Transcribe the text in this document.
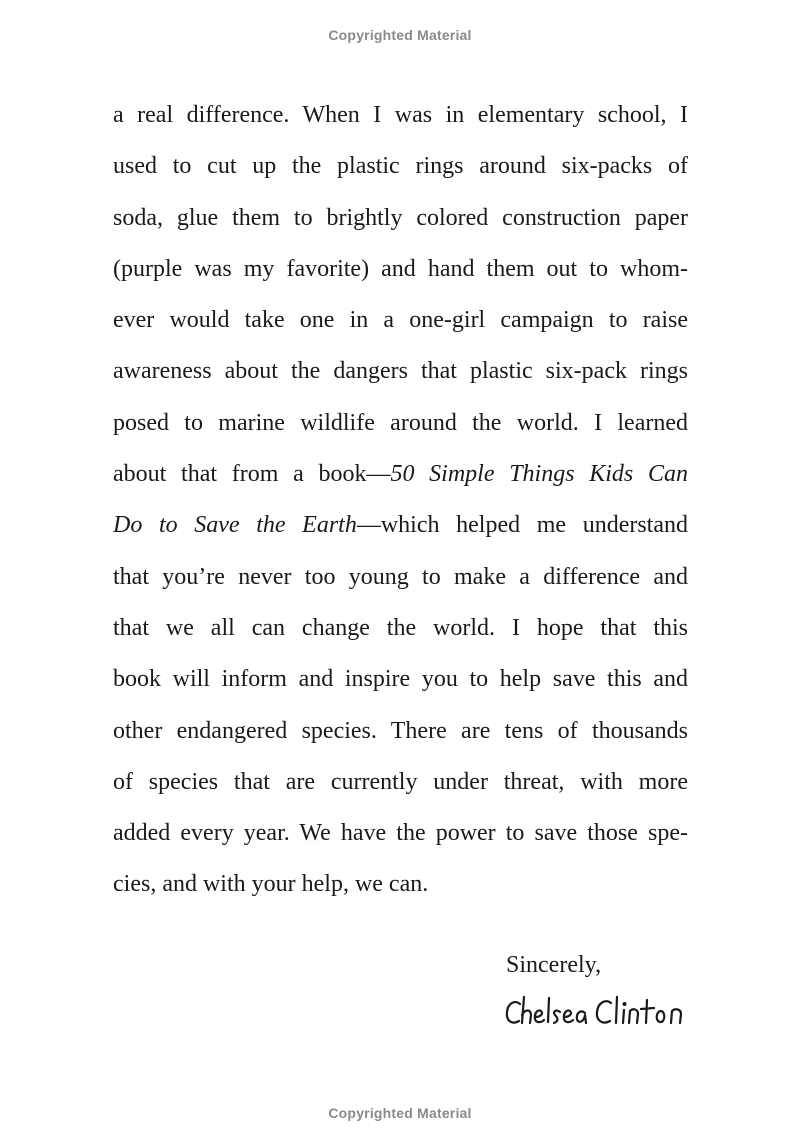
Copyrighted Material
a real difference. When I was in elementary school, I
used to cut up the plastic rings around six-packs of
soda, glue them to brightly colored construction paper
(purple was my favorite) and hand them out to whom-
ever would take one in a one-girl campaign to raise
awareness about the dangers that plastic six-pack rings
posed to marine wildlife around the world. I learned
about that from a book—50 Simple Things Kids Can
Do to Save the Earth—which helped me understand
that you’re never too young to make a difference and
that we all can change the world. I hope that this
book will inform and inspire you to help save this and
other endangered species. There are tens of thousands
of species that are currently under threat, with more
added every year. We have the power to save those spe-
cies, and with your help, we can.
Sincerely,
Copyrighted Material
